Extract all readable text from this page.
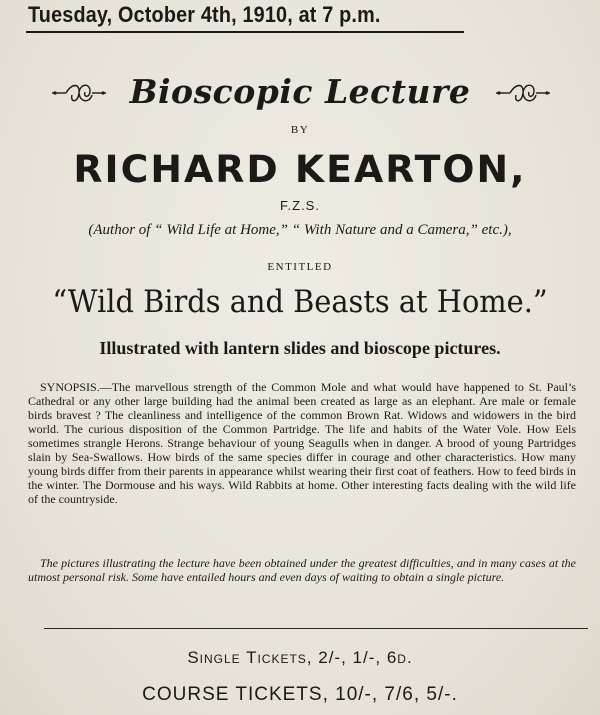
Tuesday, October 4th, 1910, at 7 p.m.
Bioscopic Lecture
BY
RICHARD KEARTON,
F.Z.S.
(Author of “ Wild Life at Home,” “ With Nature and a Camera,” etc.),
ENTITLED
“Wild Birds and Beasts at Home.”
Illustrated with lantern slides and bioscope pictures.

SYNOPSIS.—The marvellous strength of the Common Mole and what would have happened to St. Paul’s Cathedral or any other large building had the animal been created as large as an elephant. Are male or female birds bravest ? The cleanliness and intelligence of the common Brown Rat. Widows and widowers in the bird world. The curious disposition of the Common Partridge. The life and habits of the Water Vole. How Eels sometimes strangle Herons. Strange behaviour of young Seagulls when in danger. A brood of young Partridges slain by Sea-Swallows. How birds of the same species differ in courage and other characteristics. How many young birds differ from their parents in appearance whilst wearing their first coat of feathers. How to feed birds in the winter. The Dormouse and his ways. Wild Rabbits at home. Other interesting facts dealing with the wild life of the countryside.

The pictures illustrating the lecture have been obtained under the greatest difficulties, and in many cases at the utmost personal risk. Some have entailed hours and even days of waiting to obtain a single picture.

Single Tickets, 2/-, 1/-, 6d.
COURSE TICKETS, 10/-, 7/6, 5/-.
